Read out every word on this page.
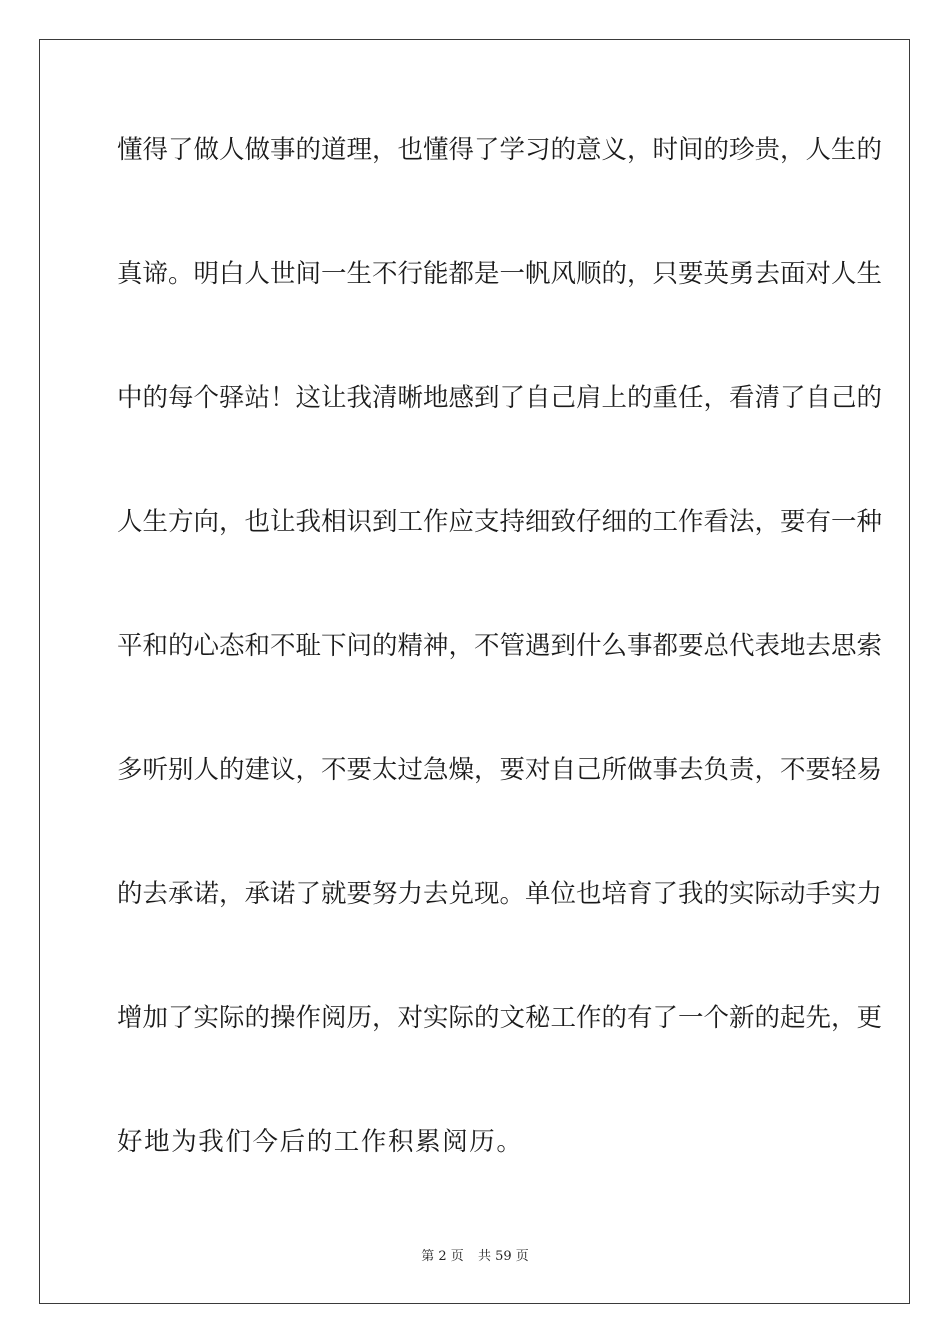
懂得了做人做事的道理，也懂得了学习的意义，时间的珍贵，人生的
真谛。明白人世间一生不行能都是一帆风顺的，只要英勇去面对人生
中的每个驿站！这让我清晰地感到了自己肩上的重任，看清了自己的
人生方向，也让我相识到工作应支持细致仔细的工作看法，要有一种
平和的心态和不耻下问的精神，不管遇到什么事都要总代表地去思索
多听别人的建议，不要太过急燥，要对自己所做事去负责，不要轻易
的去承诺，承诺了就要努力去兑现。单位也培育了我的实际动手实力
增加了实际的操作阅历，对实际的文秘工作的有了一个新的起先，更
好地为我们今后的工作积累阅历。
第 2 页 共 59 页
